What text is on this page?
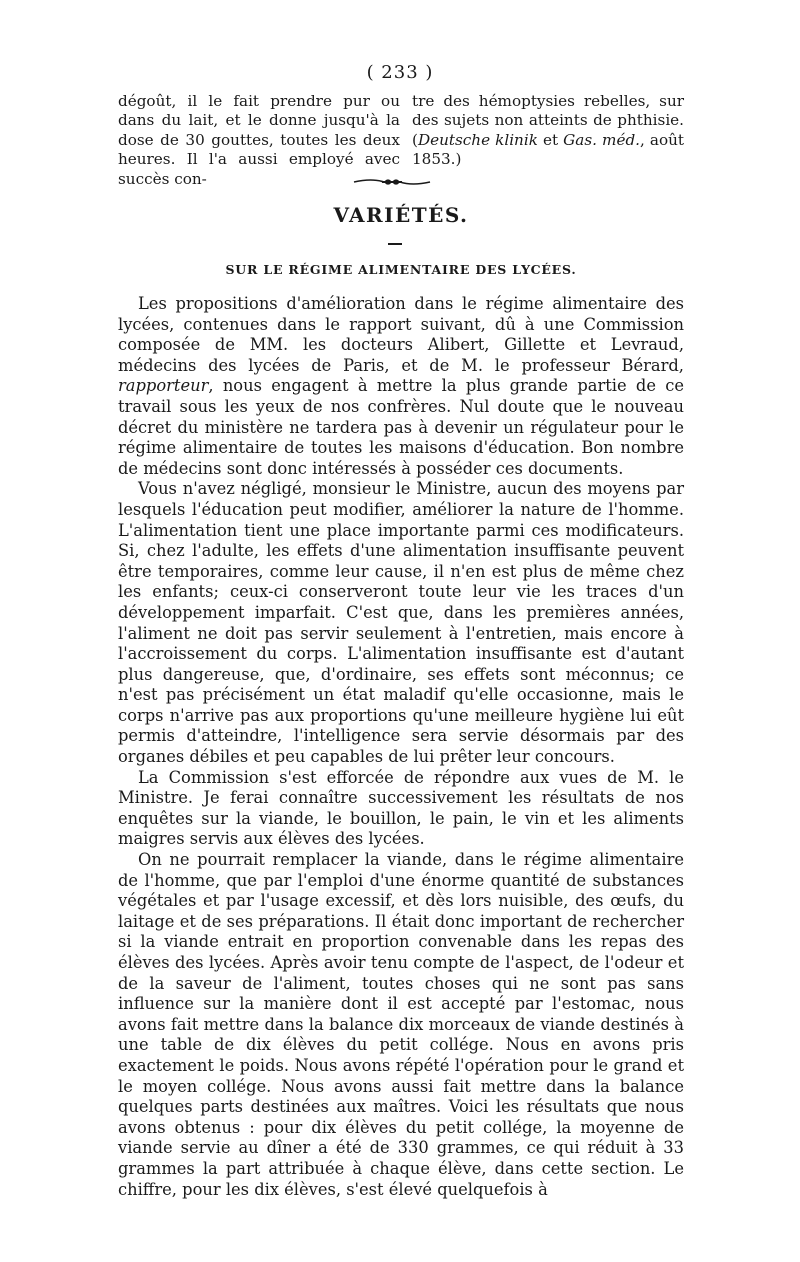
( 233 )

dégoût, il le fait prendre pur ou dans du lait, et le donne jusqu'à la dose de 30 gouttes, toutes les deux heures. Il l'a aussi employé avec succès con-

tre des hémoptysies rebelles, sur des sujets non atteints de phthisie. (Deutsche klinik et Gas. méd., août 1853.)

VARIÉTÉS.
SUR LE RÉGIME ALIMENTAIRE DES LYCÉES.

Les propositions d'amélioration dans le régime alimentaire des lycées, contenues dans le rapport suivant, dû à une Commission composée de MM. les docteurs Alibert, Gillette et Levraud, médecins des lycées de Paris, et de M. le professeur Bérard, rapporteur, nous engagent à mettre la plus grande partie de ce travail sous les yeux de nos confrères. Nul doute que le nouveau décret du ministère ne tardera pas à devenir un régulateur pour le régime alimentaire de toutes les maisons d'éducation. Bon nombre de médecins sont donc intéressés à posséder ces documents.

Vous n'avez négligé, monsieur le Ministre, aucun des moyens par lesquels l'éducation peut modifier, améliorer la nature de l'homme. L'alimentation tient une place importante parmi ces modificateurs. Si, chez l'adulte, les effets d'une alimentation insuffisante peuvent être temporaires, comme leur cause, il n'en est plus de même chez les enfants; ceux-ci conserveront toute leur vie les traces d'un développement imparfait. C'est que, dans les premières années, l'aliment ne doit pas servir seulement à l'entretien, mais encore à l'accroissement du corps. L'alimentation insuffisante est d'autant plus dangereuse, que, d'ordinaire, ses effets sont méconnus; ce n'est pas précisément un état maladif qu'elle occasionne, mais le corps n'arrive pas aux proportions qu'une meilleure hygiène lui eût permis d'atteindre, l'intelligence sera servie désormais par des organes débiles et peu capables de lui prêter leur concours.

La Commission s'est efforcée de répondre aux vues de M. le Ministre. Je ferai connaître successivement les résultats de nos enquêtes sur la viande, le bouillon, le pain, le vin et les aliments maigres servis aux élèves des lycées.

On ne pourrait remplacer la viande, dans le régime alimentaire de l'homme, que par l'emploi d'une énorme quantité de substances végétales et par l'usage excessif, et dès lors nuisible, des œufs, du laitage et de ses préparations. Il était donc important de rechercher si la viande entrait en proportion convenable dans les repas des élèves des lycées. Après avoir tenu compte de l'aspect, de l'odeur et de la saveur de l'aliment, toutes choses qui ne sont pas sans influence sur la manière dont il est accepté par l'estomac, nous avons fait mettre dans la balance dix morceaux de viande destinés à une table de dix élèves du petit collége. Nous en avons pris exactement le poids. Nous avons répété l'opération pour le grand et le moyen collége. Nous avons aussi fait mettre dans la balance quelques parts destinées aux maîtres. Voici les résultats que nous avons obtenus : pour dix élèves du petit collége, la moyenne de viande servie au dîner a été de 330 grammes, ce qui réduit à 33 grammes la part attribuée à chaque élève, dans cette section. Le chiffre, pour les dix élèves, s'est élevé quelquefois à
